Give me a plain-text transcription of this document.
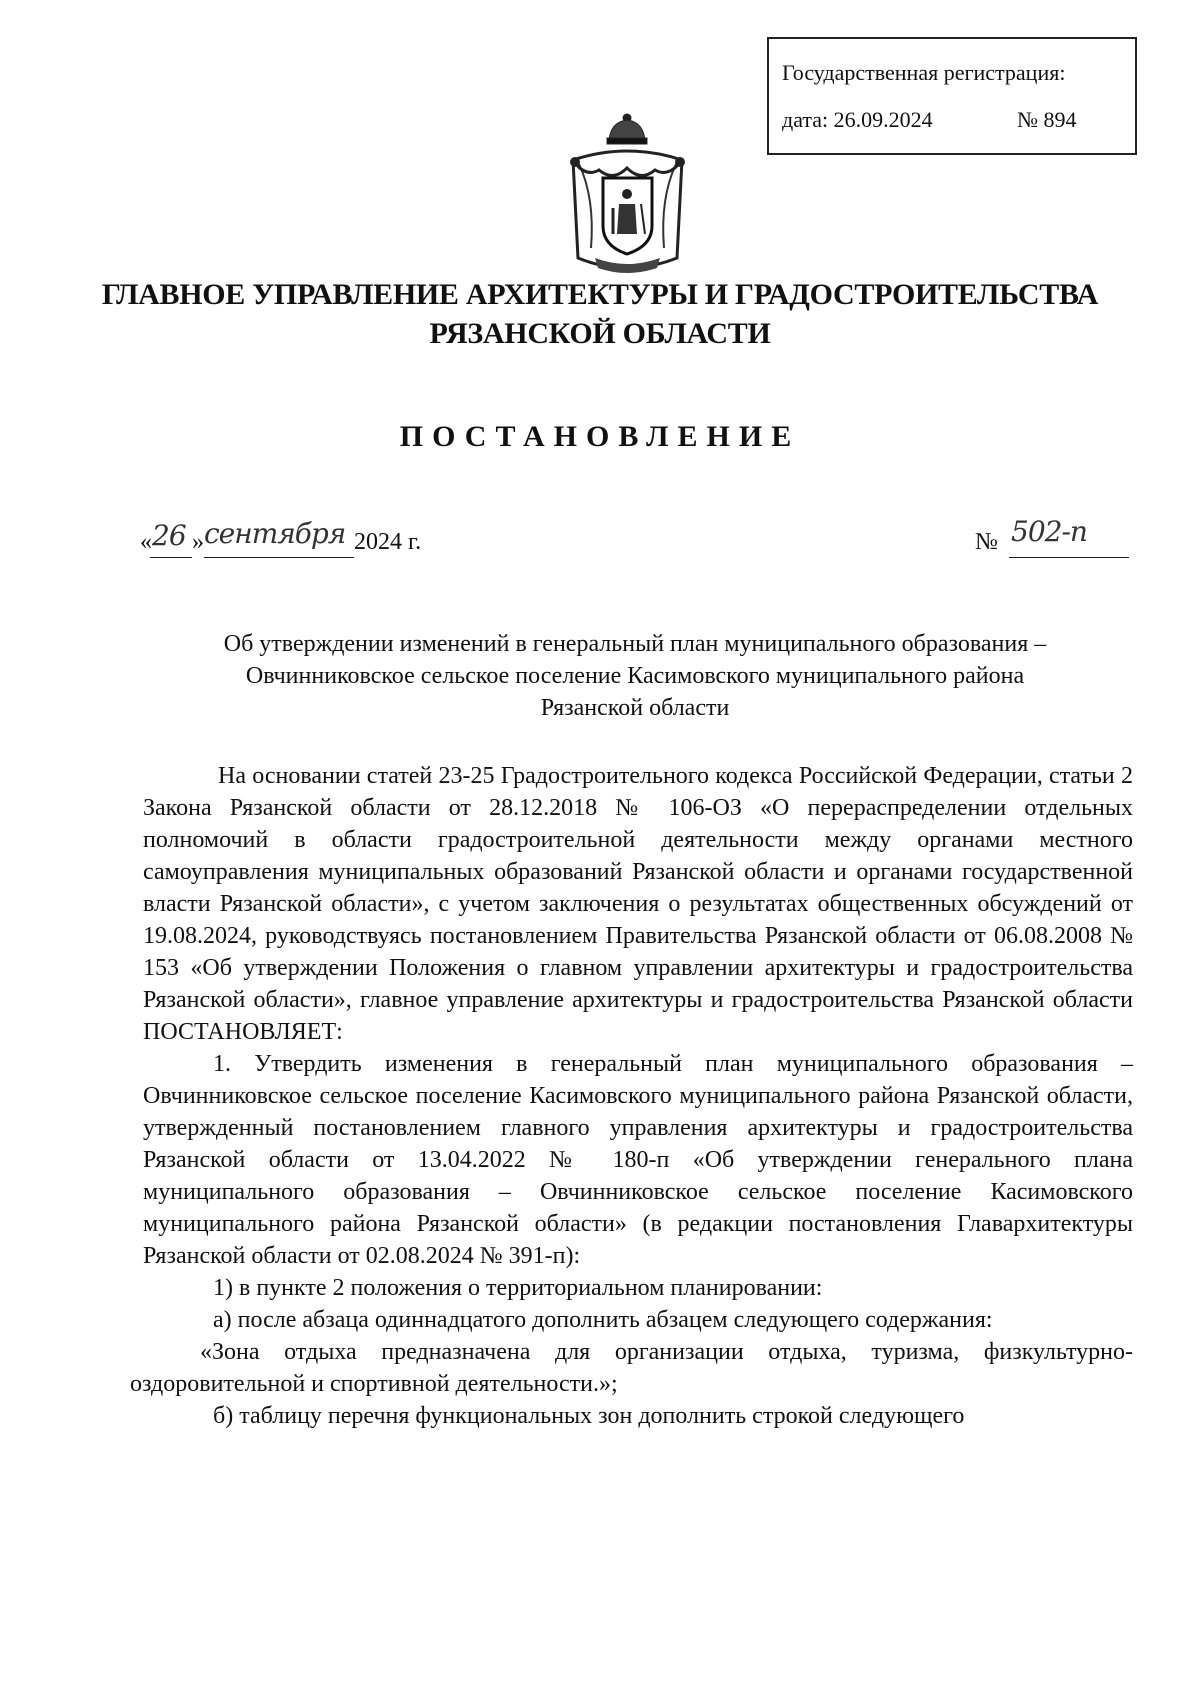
Государственная регистрация:
дата: 26.09.2024	№ 894
ГЛАВНОЕ УПРАВЛЕНИЕ АРХИТЕКТУРЫ И ГРАДОСТРОИТЕЛЬСТВА
РЯЗАНСКОЙ ОБЛАСТИ
ПОСТАНОВЛЕНИЕ
« 26 » сентября 2024 г.	№ 502-п
Об утверждении изменений в генеральный план муниципального образования –
Овчинниковское сельское поселение Касимовского муниципального района
Рязанской области

На основании статей 23-25 Градостроительного кодекса Российской Федерации, статьи 2 Закона Рязанской области от 28.12.2018 № 106-ОЗ «О перераспределении отдельных полномочий в области градостроительной деятельности между органами местного самоуправления муниципальных образований Рязанской области и органами государственной власти Рязанской области», с учетом заключения о результатах общественных обсуждений от 19.08.2024, руководствуясь постановлением Правительства Рязанской области от 06.08.2008 № 153 «Об утверждении Положения о главном управлении архитектуры и градостроительства Рязанской области», главное управление архитектуры и градостроительства Рязанской области ПОСТАНОВЛЯЕТ:

1. Утвердить изменения в генеральный план муниципального образования – Овчинниковское сельское поселение Касимовского муниципального района Рязанской области, утвержденный постановлением главного управления архитектуры и градостроительства Рязанской области от 13.04.2022 № 180-п «Об утверждении генерального плана муниципального образования – Овчинниковское сельское поселение Касимовского муниципального района Рязанской области» (в редакции постановления Главархитектуры Рязанской области от 02.08.2024 № 391-п):

1) в пункте 2 положения о территориальном планировании:

а) после абзаца одиннадцатого дополнить абзацем следующего содержания:

«Зона отдыха предназначена для организации отдыха, туризма, физкультурно-оздоровительной и спортивной деятельности.»;

б) таблицу перечня функциональных зон дополнить строкой следующего
